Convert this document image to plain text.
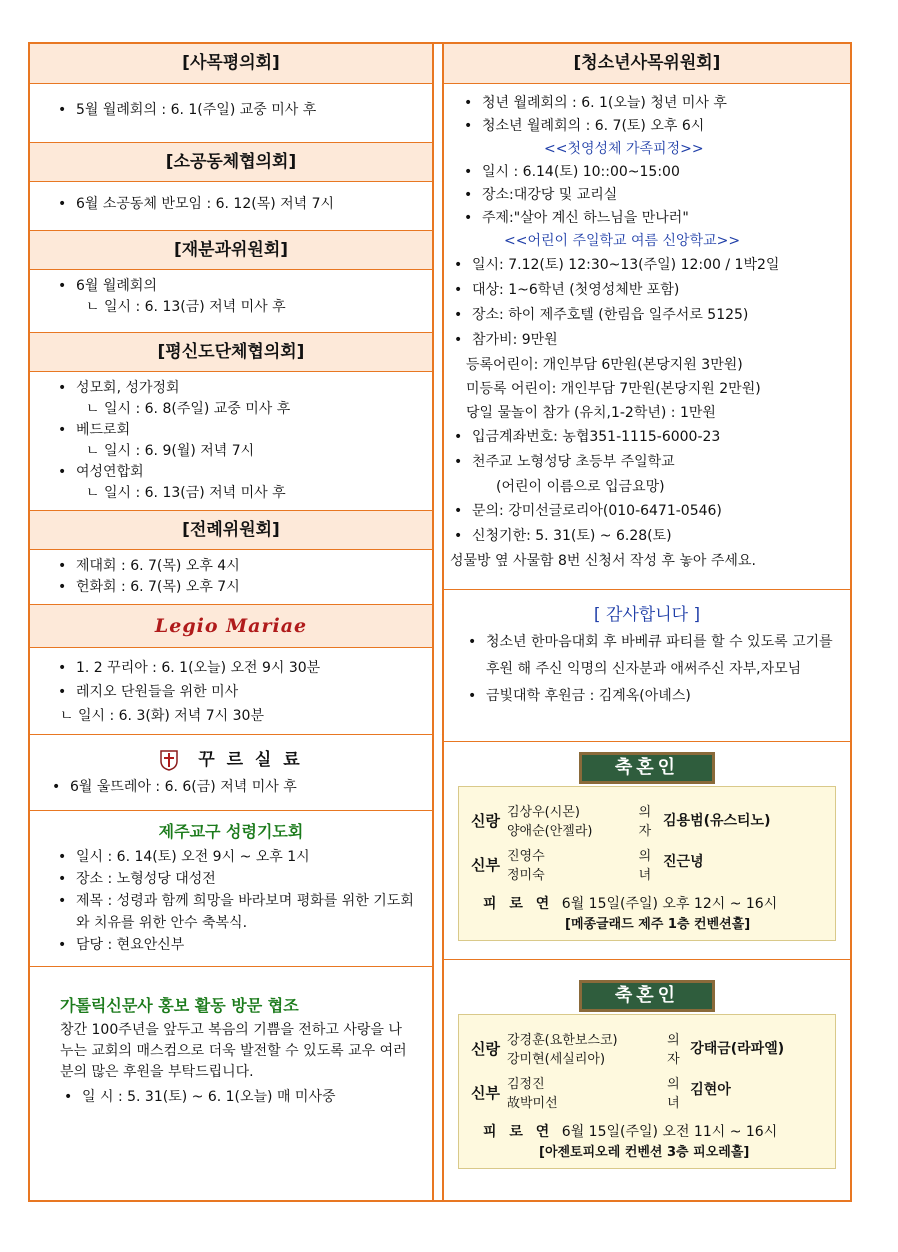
[사목평의회]
• 5월 월례회의 : 6. 1(주일) 교중 미사 후
[소공동체협의회]
• 6월 소공동체 반모임 : 6. 12(목) 저녁 7시
[재분과위원회]
• 6월 월례회의
ㄴ 일시 : 6. 13(금) 저녁 미사 후
[평신도단체협의회]
• 성모회, 성가정회
ㄴ 일시 : 6. 8(주일) 교중 미사 후
• 베드로회
ㄴ 일시 : 6. 9(월) 저녁 7시
• 여성연합회
ㄴ 일시 : 6. 13(금) 저녁 미사 후
[전례위원회]
• 제대회 : 6. 7(목) 오후 4시
• 헌화회 : 6. 7(목) 오후 7시
Legio Mariae
• 1. 2 꾸리아 : 6. 1(오늘) 오전 9시 30분
• 레지오 단원들을 위한 미사
ㄴ 일시 : 6. 3(화) 저녁 7시 30분
꾸 르 실 료
• 6월 울뜨레아 : 6. 6(금) 저녁 미사 후
제주교구 성령기도회
• 일시 : 6. 14(토) 오전 9시 ~ 오후 1시
• 장소 : 노형성당 대성전
• 제목 : 성령과 함께 희망을 바라보며 평화를 위한 기도회와 치유를 위한 안수 축복식.
• 담당 : 현요안신부
가톨릭신문사 홍보 활동 방문 협조
창간 100주년을 앞두고 복음의 기쁨을 전하고 사랑을 나누는 교회의 매스컴으로 더욱 발전할 수 있도록 교우 여러분의 많은 후원을 부탁드립니다.
• 일 시 : 5. 31(토) ~ 6. 1(오늘) 매 미사중
[청소년사목위원회]
• 청년 월례회의 : 6. 1(오늘) 청년 미사 후
• 청소년 월례회의 : 6. 7(토) 오후 6시
<<첫영성체 가족피정>>
• 일시 : 6.14(토) 10::00~15:00
• 장소:대강당 및 교리실
• 주제:"살아 계신 하느님을 만나러"
<<어린이 주일학교 여름 신앙학교>>
• 일시: 7.12(토) 12:30~13(주일) 12:00 / 1박2일
• 대상: 1~6학년 (첫영성체반 포함)
• 장소: 하이 제주호텔 (한림읍 일주서로 5125)
• 참가비: 9만원
등록어린이: 개인부담 6만원(본당지원 3만원)
미등록 어린이: 개인부담 7만원(본당지원 2만원)
당일 물놀이 참가 (유치,1-2학년) : 1만원
• 입금계좌번호: 농협351-1115-6000-23
• 천주교 노형성당 초등부 주일학교
(어린이 이름으로 입금요망)
• 문의: 강미선글로리아(010-6471-0546)
• 신청기한: 5. 31(토) ~ 6.28(토)
성물방 옆 사물함 8번 신청서 작성 후 놓아 주세요.
[ 감사합니다 ]
• 청소년 한마음대회 후 바베큐 파티를 할 수 있도록 고기를 후원 해 주신 익명의 신자분과 애써주신 자부,자모님
• 금빛대학 후원금 : 김계옥(아녜스)
축혼인
신랑	김상우(시몬)	의	김용범(유스티노)
	양애순(안젤라)	자	
신부	진영수	의	진근녕
	정미숙	녀	
피 로 연 6월 15일(주일) 오후 12시 ~ 16시
[메종글래드 제주 1층 컨벤션홀]
축혼인
신랑	강경훈(요한보스코)	의	강태금(라파엘)
	강미현(세실리아)	자	
신부	김정진	의	김현아
	故박미선	녀	
피 로 연 6월 15일(주일) 오전 11시 ~ 16시
[아젠토피오레 컨벤션 3층 피오레홀]
